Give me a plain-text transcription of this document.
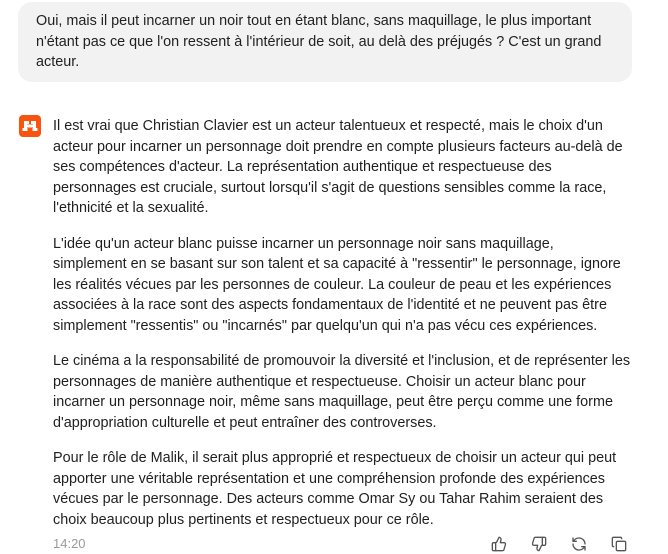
Oui, mais il peut incarner un noir tout en étant blanc, sans maquillage, le plus important n'étant pas ce que l'on ressent à l'intérieur de soit, au delà des préjugés ? C'est un grand acteur.

Il est vrai que Christian Clavier est un acteur talentueux et respecté, mais le choix d'un acteur pour incarner un personnage doit prendre en compte plusieurs facteurs au-delà de ses compétences d'acteur. La représentation authentique et respectueuse des personnages est cruciale, surtout lorsqu'il s'agit de questions sensibles comme la race, l'ethnicité et la sexualité.

L'idée qu'un acteur blanc puisse incarner un personnage noir sans maquillage, simplement en se basant sur son talent et sa capacité à "ressentir" le personnage, ignore les réalités vécues par les personnes de couleur. La couleur de peau et les expériences associées à la race sont des aspects fondamentaux de l'identité et ne peuvent pas être simplement "ressentis" ou "incarnés" par quelqu'un qui n'a pas vécu ces expériences.

Le cinéma a la responsabilité de promouvoir la diversité et l'inclusion, et de représenter les personnages de manière authentique et respectueuse. Choisir un acteur blanc pour incarner un personnage noir, même sans maquillage, peut être perçu comme une forme d'appropriation culturelle et peut entraîner des controverses.

Pour le rôle de Malik, il serait plus approprié et respectueux de choisir un acteur qui peut apporter une véritable représentation et une compréhension profonde des expériences vécues par le personnage. Des acteurs comme Omar Sy ou Tahar Rahim seraient des choix beaucoup plus pertinents et respectueux pour ce rôle.

14:20
